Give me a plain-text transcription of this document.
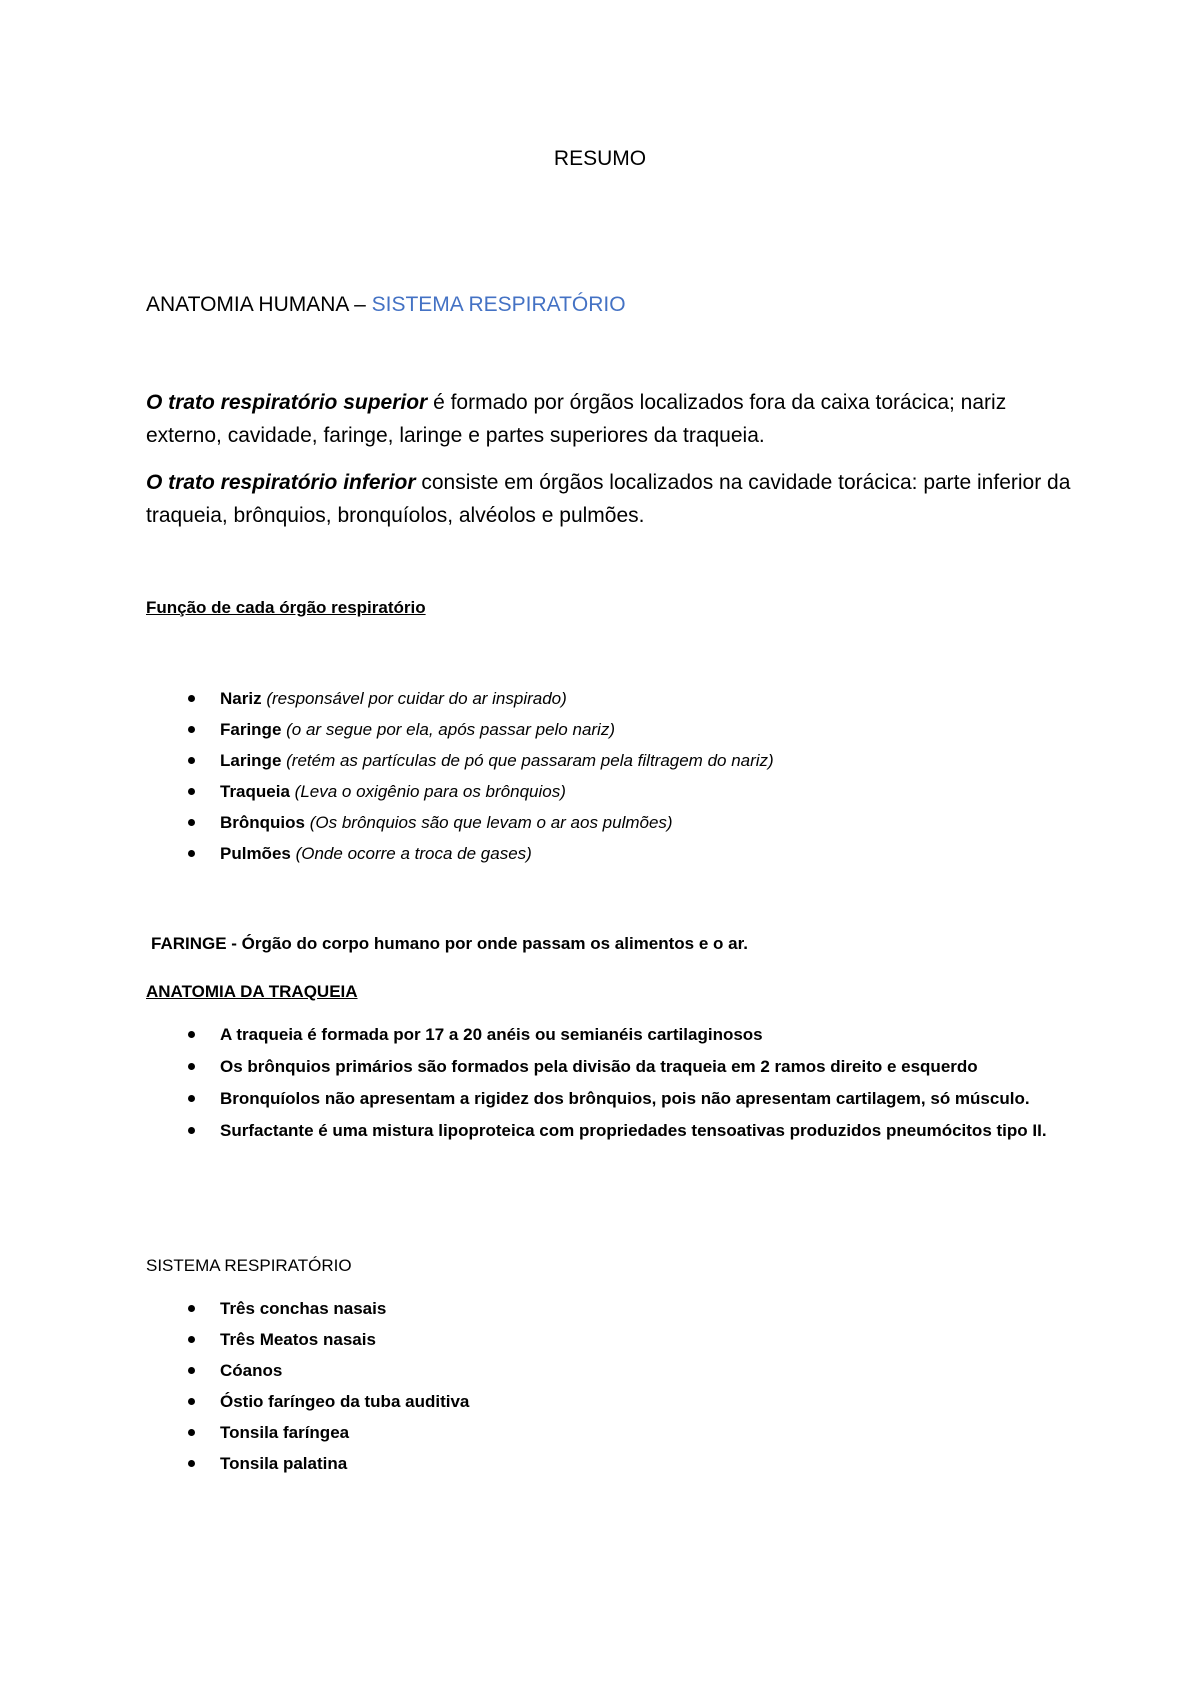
RESUMO
ANATOMIA HUMANA – SISTEMA RESPIRATÓRIO
O trato respiratório superior é formado por órgãos localizados fora da caixa torácica; nariz externo, cavidade, faringe, laringe e partes superiores da traqueia.
O trato respiratório inferior consiste em órgãos localizados na cavidade torácica: parte inferior da traqueia, brônquios, bronquíolos, alvéolos e pulmões.
Função de cada órgão respiratório
Nariz (responsável por cuidar do ar inspirado)
Faringe (o ar segue por ela, após passar pelo nariz)
Laringe (retém as partículas de pó que passaram pela filtragem do nariz)
Traqueia (Leva o oxigênio para os brônquios)
Brônquios (Os brônquios são que levam o ar aos pulmões)
Pulmões (Onde ocorre a troca de gases)
FARINGE - Órgão do corpo humano por onde passam os alimentos e o ar.
ANATOMIA DA TRAQUEIA
A traqueia é formada por 17 a 20 anéis ou semianéis cartilaginosos
Os brônquios primários são formados pela divisão da traqueia em 2 ramos direito e esquerdo
Bronquíolos não apresentam a rigidez dos brônquios, pois não apresentam cartilagem, só músculo.
Surfactante é uma mistura lipoproteica com propriedades tensoativas produzidos pneumócitos tipo II.
SISTEMA RESPIRATÓRIO
Três conchas nasais
Três Meatos nasais
Cóanos
Óstio faríngeo da tuba auditiva
Tonsila faríngea
Tonsila palatina
